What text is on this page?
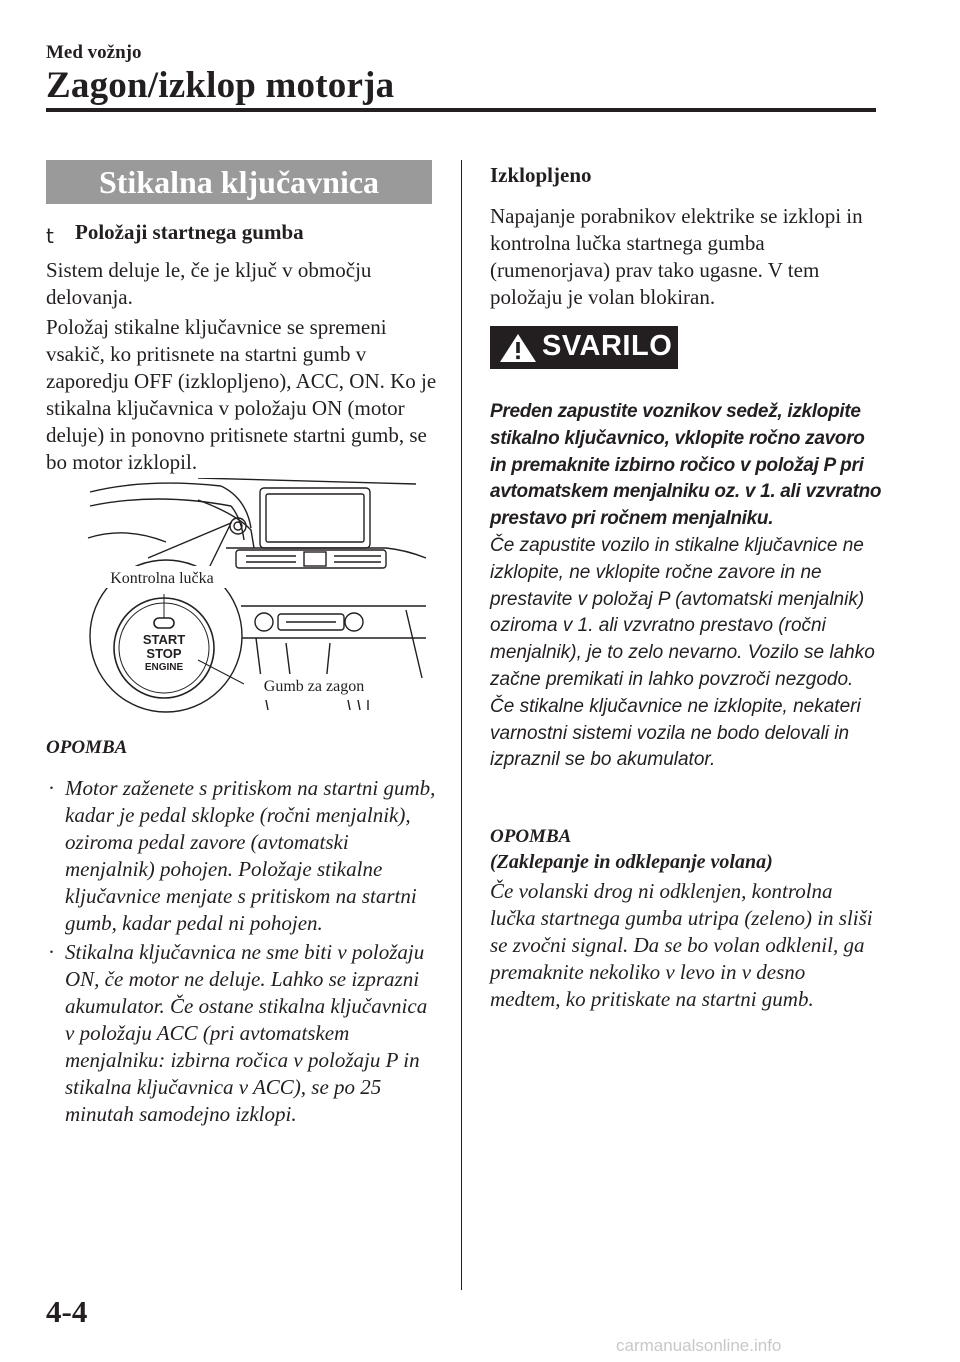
Med vožnjo
Zagon/izklop motorja
Stikalna ključavnica
t Položaji startnega gumba
Sistem deluje le, če je ključ v območju delovanja.
Položaj stikalne ključavnice se spremeni vsakič, ko pritisnete na startni gumb v zaporedju OFF (izklopljeno), ACC, ON. Ko je stikalna ključavnica v položaju ON (motor deluje) in ponovno pritisnete startni gumb, se bo motor izklopil.
START
STOP
ENGINE
Kontrolna lučka
Gumb za zagon
OPOMBA
· Motor zaženete s pritiskom na startni gumb, kadar je pedal sklopke (ročni menjalnik), oziroma pedal zavore (avtomatski menjalnik) pohojen. Položaje stikalne ključavnice menjate s pritiskom na startni gumb, kadar pedal ni pohojen.
· Stikalna ključavnica ne sme biti v položaju ON, če motor ne deluje. Lahko se izprazni akumulator. Če ostane stikalna ključavnica v položaju ACC (pri avtomatskem menjalniku: izbirna ročica v položaju P in stikalna ključavnica v ACC), se po 25 minutah samodejno izklopi.
Izklopljeno
Napajanje porabnikov elektrike se izklopi in kontrolna lučka startnega gumba (rumenorjava) prav tako ugasne. V tem položaju je volan blokiran.
SVARILO
Preden zapustite voznikov sedež, izklopite stikalno ključavnico, vklopite ročno zavoro in premaknite izbirno ročico v položaj P pri avtomatskem menjalniku oz. v 1. ali vzvratno prestavo pri ročnem menjalniku.
Če zapustite vozilo in stikalne ključavnice ne izklopite, ne vklopite ročne zavore in ne prestavite v položaj P (avtomatski menjalnik) oziroma v 1. ali vzvratno prestavo (ročni menjalnik), je to zelo nevarno. Vozilo se lahko začne premikati in lahko povzroči nezgodo.
Če stikalne ključavnice ne izklopite, nekateri varnostni sistemi vozila ne bodo delovali in izpraznil se bo akumulator.
OPOMBA
(Zaklepanje in odklepanje volana)
Če volanski drog ni odklenjen, kontrolna lučka startnega gumba utripa (zeleno) in sliši se zvočni signal. Da se bo volan odklenil, ga premaknite nekoliko v levo in v desno medtem, ko pritiskate na startni gumb.
4-4
carmanualsonline.info
